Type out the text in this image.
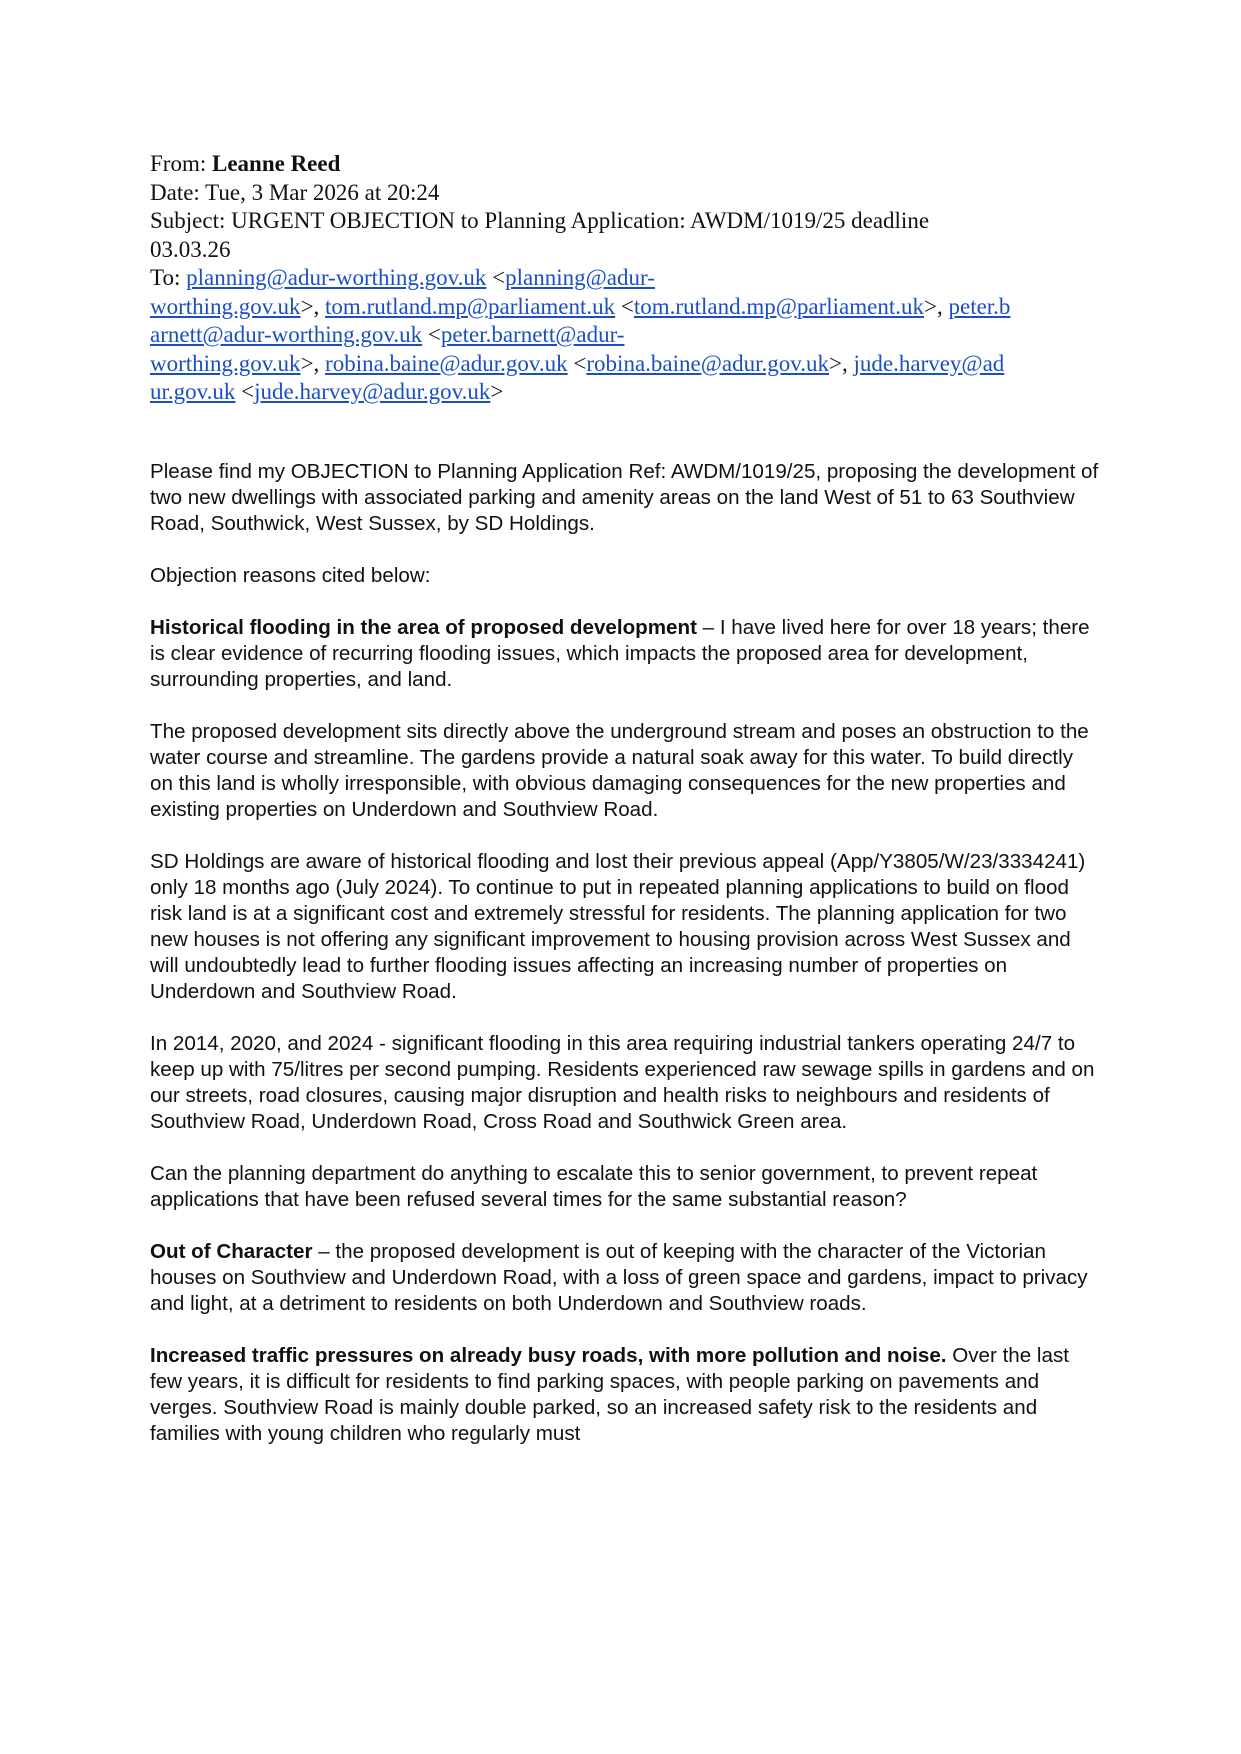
From: Leanne Reed
Date: Tue, 3 Mar 2026 at 20:24
Subject: URGENT OBJECTION to Planning Application: AWDM/1019/25 deadline
03.03.26
To: planning@adur-worthing.gov.uk <planning@adur-
worthing.gov.uk>, tom.rutland.mp@parliament.uk <tom.rutland.mp@parliament.uk>, peter.b
arnett@adur-worthing.gov.uk <peter.barnett@adur-
worthing.gov.uk>, robina.baine@adur.gov.uk <robina.baine@adur.gov.uk>, jude.harvey@ad
ur.gov.uk <jude.harvey@adur.gov.uk>

Please find my OBJECTION to Planning Application Ref: AWDM/1019/25, proposing the development of two new dwellings with associated parking and amenity areas on the land West of 51 to 63 Southview Road, Southwick, West Sussex, by SD Holdings.

Objection reasons cited below:

Historical flooding in the area of proposed development – I have lived here for over 18 years; there is clear evidence of recurring flooding issues, which impacts the proposed area for development, surrounding properties, and land.

The proposed development sits directly above the underground stream and poses an obstruction to the water course and streamline. The gardens provide a natural soak away for this water. To build directly on this land is wholly irresponsible, with obvious damaging consequences for the new properties and existing properties on Underdown and Southview Road.

SD Holdings are aware of historical flooding and lost their previous appeal (App/Y3805/W/23/3334241) only 18 months ago (July 2024). To continue to put in repeated planning applications to build on flood risk land is at a significant cost and extremely stressful for residents. The planning application for two new houses is not offering any significant improvement to housing provision across West Sussex and will undoubtedly lead to further flooding issues affecting an increasing number of properties on Underdown and Southview Road.

In 2014, 2020, and 2024 - significant flooding in this area requiring industrial tankers operating 24/7 to keep up with 75/litres per second pumping. Residents experienced raw sewage spills in gardens and on our streets, road closures, causing major disruption and health risks to neighbours and residents of Southview Road, Underdown Road, Cross Road and Southwick Green area.

Can the planning department do anything to escalate this to senior government, to prevent repeat applications that have been refused several times for the same substantial reason?

Out of Character – the proposed development is out of keeping with the character of the Victorian houses on Southview and Underdown Road, with a loss of green space and gardens, impact to privacy and light, at a detriment to residents on both Underdown and Southview roads.

Increased traffic pressures on already busy roads, with more pollution and noise. Over the last few years, it is difficult for residents to find parking spaces, with people parking on pavements and verges. Southview Road is mainly double parked, so an increased safety risk to the residents and families with young children who regularly must
